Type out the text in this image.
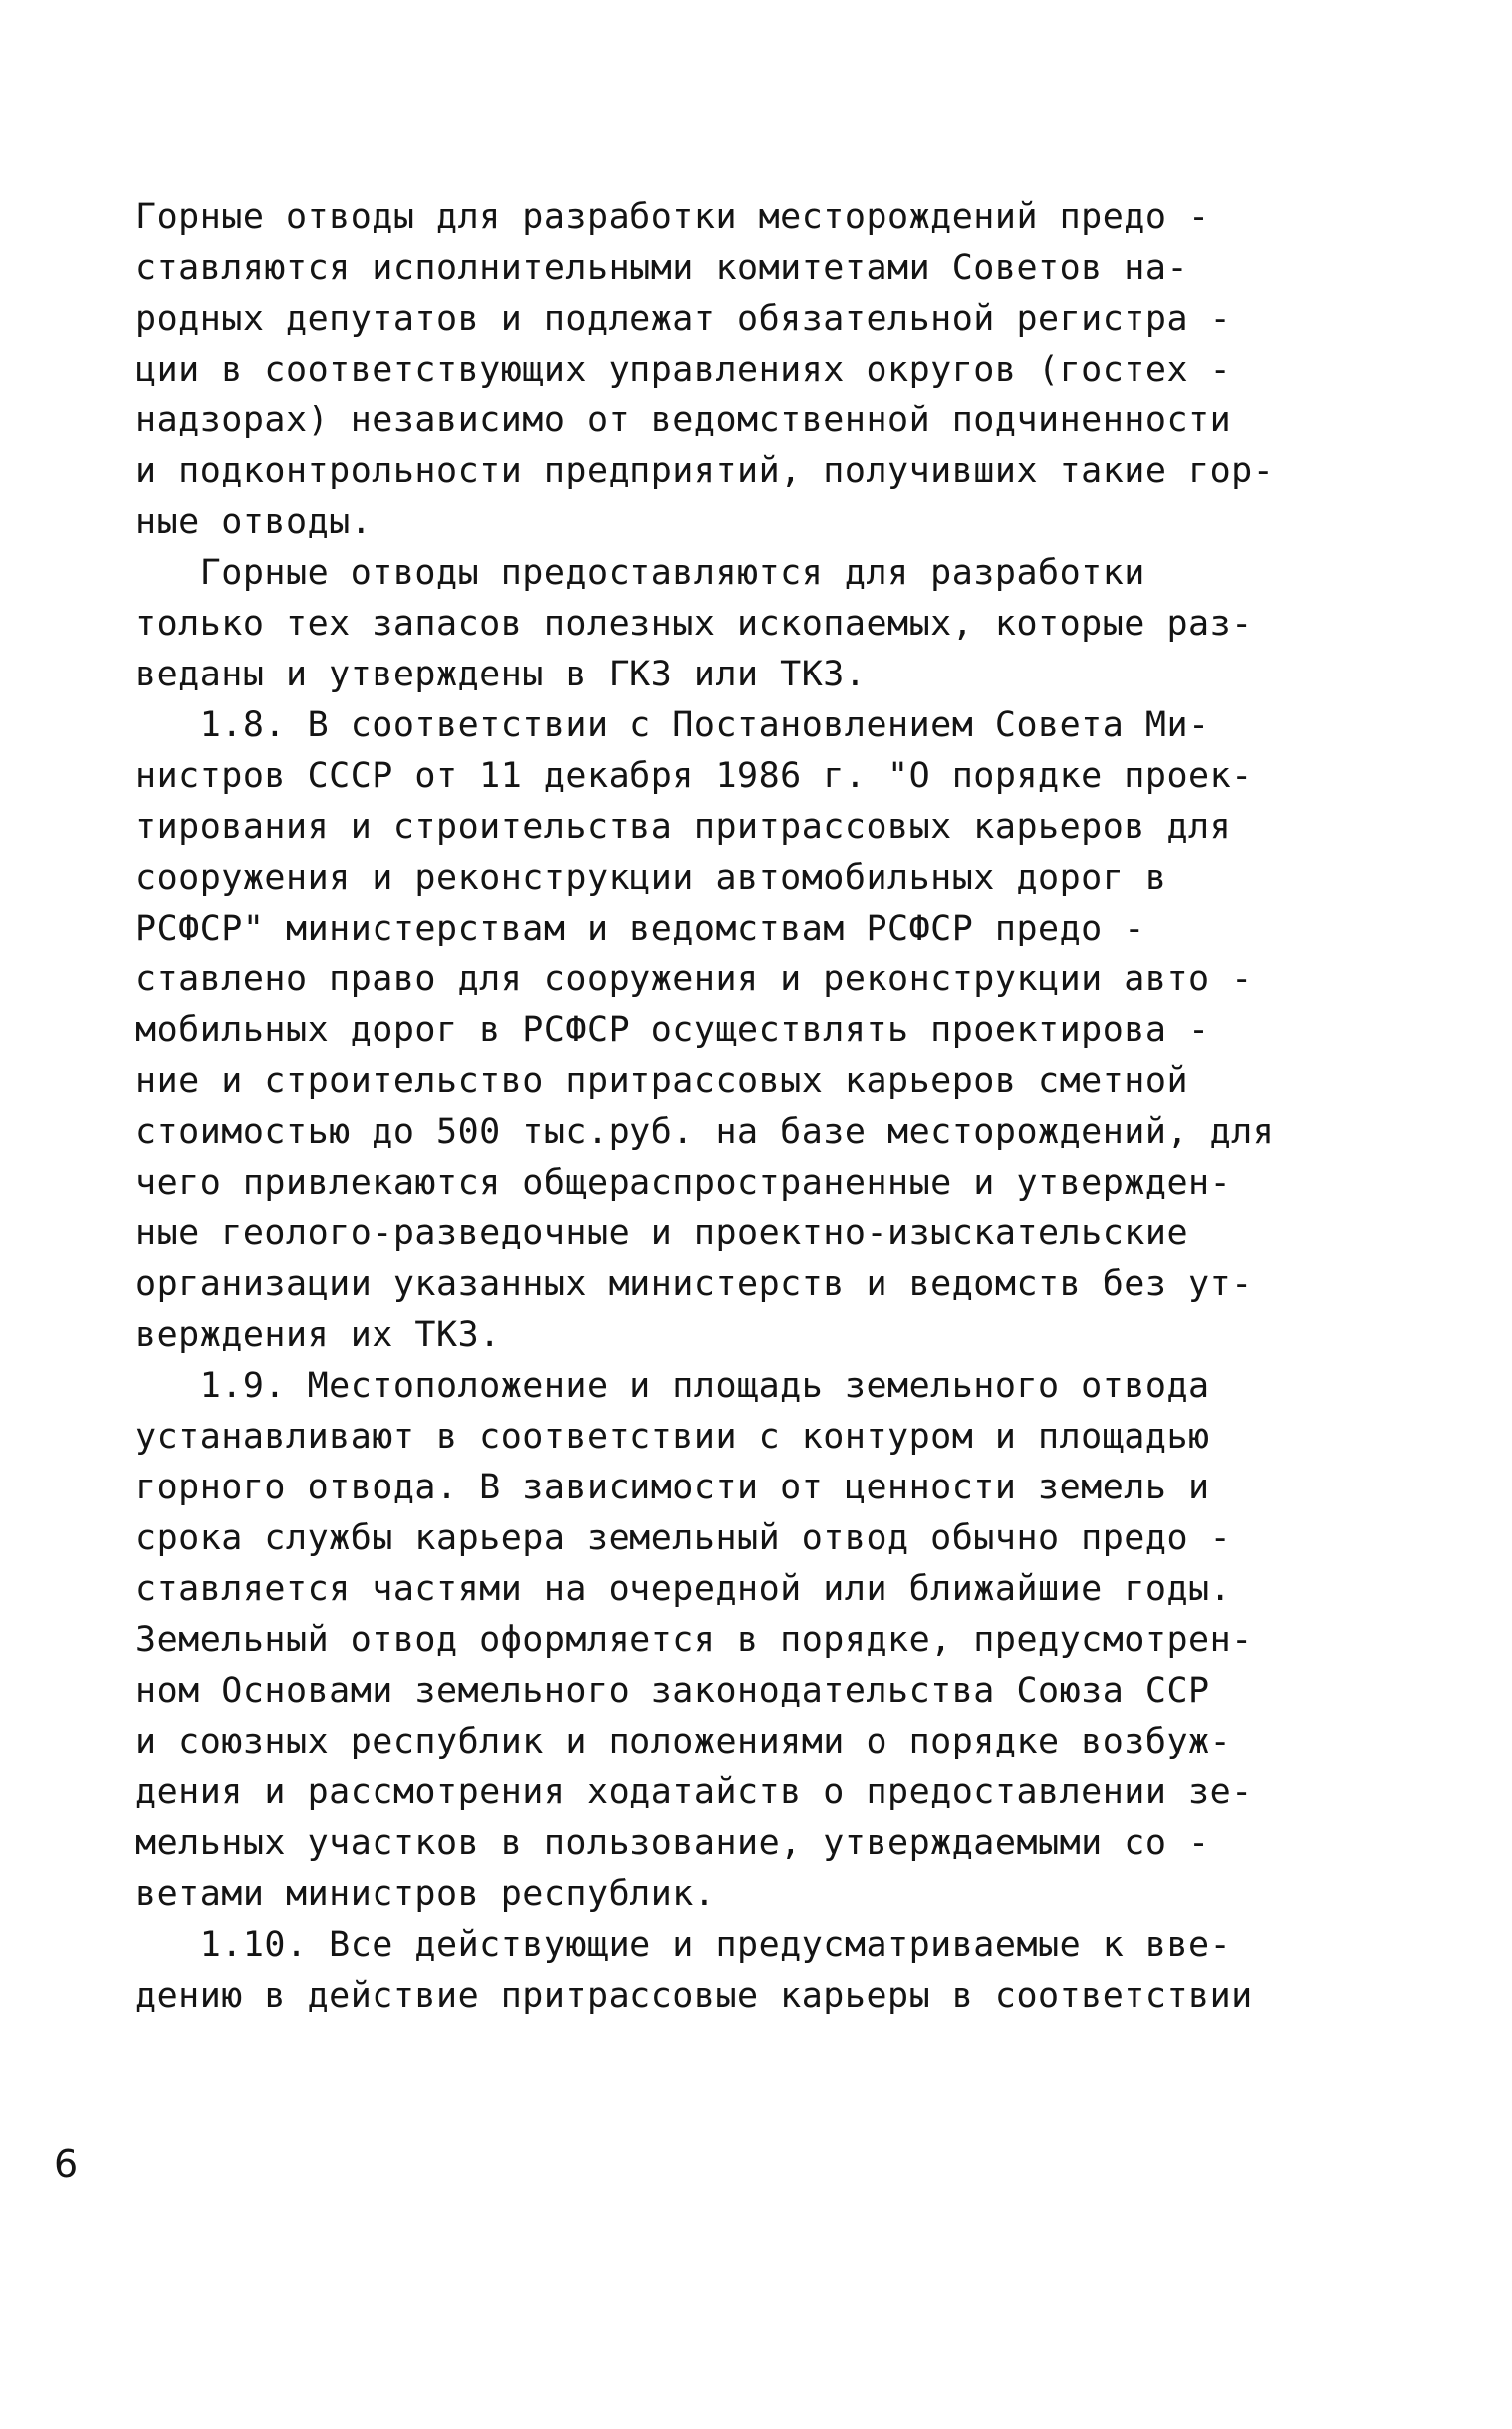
Горные отводы для разработки месторождений предо -
ставляются исполнительными комитетами Советов на-
родных депутатов и подлежат обязательной регистра -
ции в соответствующих управлениях округов (гостех -
надзорах) независимо от ведомственной подчиненности
и подконтрольности предприятий, получивших такие гор-
ные отводы.
Горные отводы предоставляются для разработки
только тех запасов полезных ископаемых, которые раз-
веданы и утверждены в ГКЗ или ТКЗ.
1.8. В соответствии с Постановлением Совета Ми-
нистров СССР от 11 декабря 1986 г. "О порядке проек-
тирования и строительства притрассовых карьеров для
сооружения и реконструкции автомобильных дорог в
РСФСР" министерствам и ведомствам РСФСР предо -
ставлено право для сооружения и реконструкции авто -
мобильных дорог в РСФСР осуществлять проектирова -
ние и строительство притрассовых карьеров сметной
стоимостью до 500 тыс.руб. на базе месторождений, для
чего привлекаются общераспространенные и утвержден-
ные геолого-разведочные и проектно-изыскательские
организации указанных министерств и ведомств без ут-
верждения их ТКЗ.
1.9. Местоположение и площадь земельного отвода
устанавливают в соответствии с контуром и площадью
горного отвода. В зависимости от ценности земель и
срока службы карьера земельный отвод обычно предо -
ставляется частями на очередной или ближайшие годы.
Земельный отвод оформляется в порядке, предусмотрен-
ном Основами земельного законодательства Союза ССР
и союзных республик и положениями о порядке возбуж-
дения и рассмотрения ходатайств о предоставлении зе-
мельных участков в пользование, утверждаемыми со -
ветами министров республик.
1.10. Все действующие и предусматриваемые к вве-
дению в действие притрассовые карьеры в соответствии
6
